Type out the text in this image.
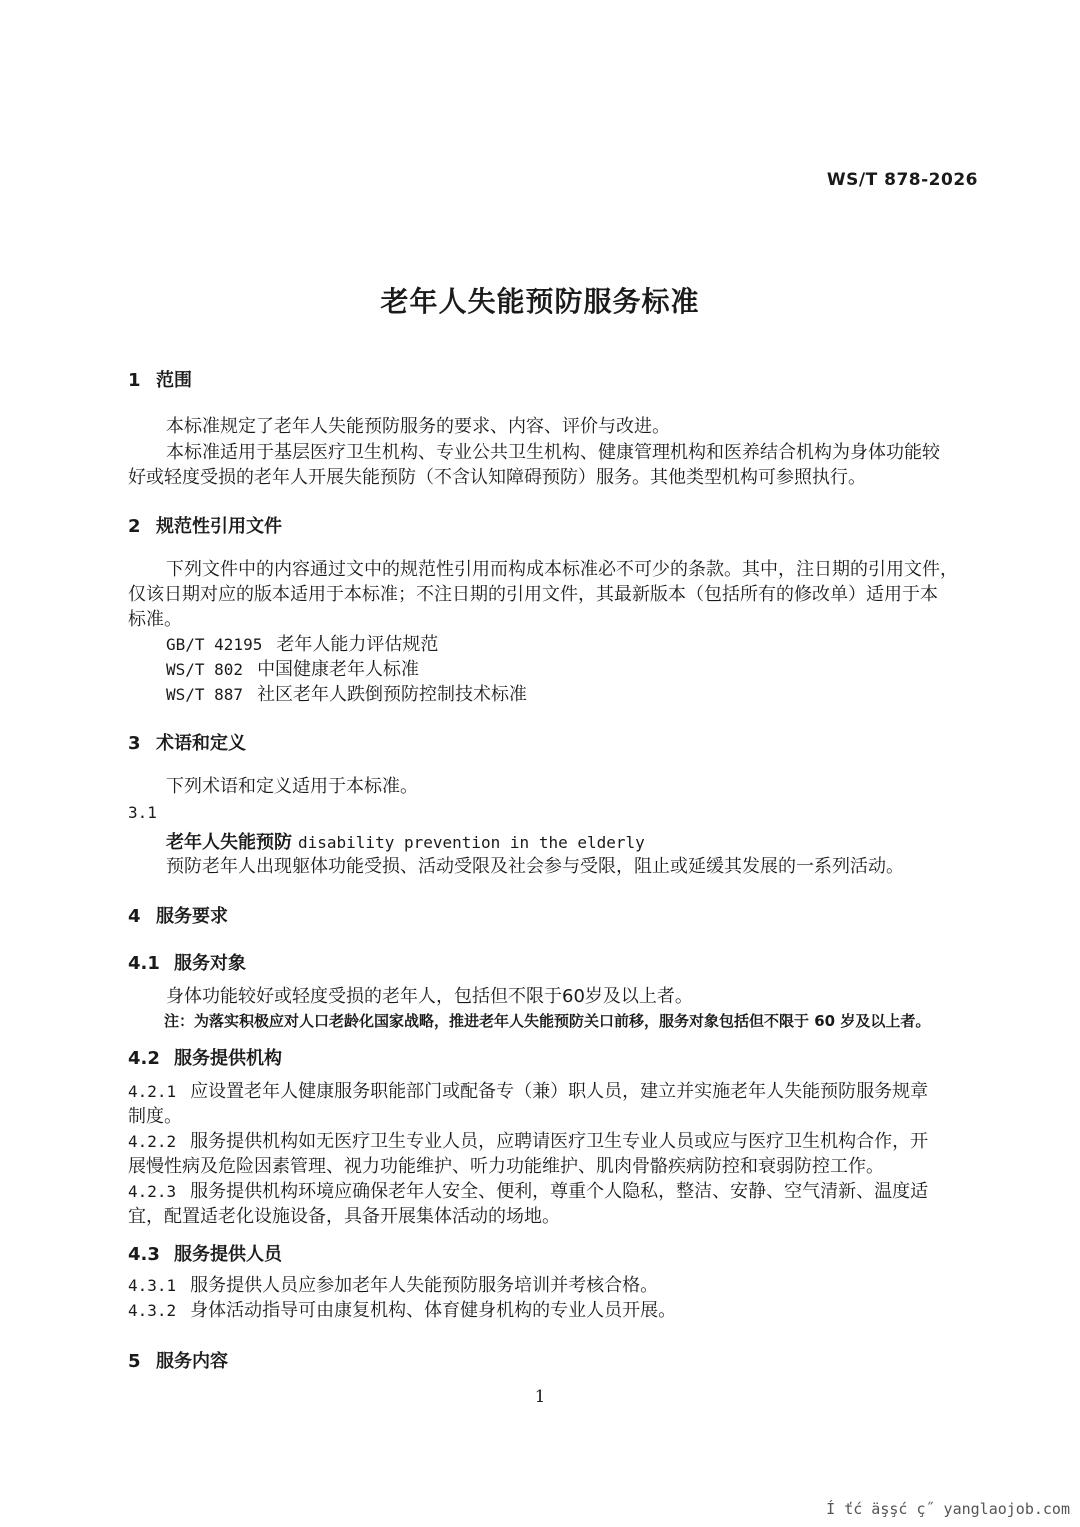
WS/T 878-2026
老年人失能预防服务标准
1 范围
本标准规定了老年人失能预防服务的要求、内容、评价与改进。
本标准适用于基层医疗卫生机构、专业公共卫生机构、健康管理机构和医养结合机构为身体功能较
好或轻度受损的老年人开展失能预防（不含认知障碍预防）服务。其他类型机构可参照执行。
2 规范性引用文件
下列文件中的内容通过文中的规范性引用而构成本标准必不可少的条款。其中，注日期的引用文件，
仅该日期对应的版本适用于本标准；不注日期的引用文件，其最新版本（包括所有的修改单）适用于本
标准。
GB/T 42195 老年人能力评估规范
WS/T 802 中国健康老年人标准
WS/T 887 社区老年人跌倒预防控制技术标准
3 术语和定义
下列术语和定义适用于本标准。
3.1
老年人失能预防 disability prevention in the elderly
预防老年人出现躯体功能受损、活动受限及社会参与受限，阻止或延缓其发展的一系列活动。
4 服务要求
4.1 服务对象
身体功能较好或轻度受损的老年人，包括但不限于60岁及以上者。
注：为落实积极应对人口老龄化国家战略，推进老年人失能预防关口前移，服务对象包括但不限于 60 岁及以上者。
4.2 服务提供机构
4.2.1 应设置老年人健康服务职能部门或配备专（兼）职人员，建立并实施老年人失能预防服务规章
制度。
4.2.2 服务提供机构如无医疗卫生专业人员，应聘请医疗卫生专业人员或应与医疗卫生机构合作，开
展慢性病及危险因素管理、视力功能维护、听力功能维护、肌肉骨骼疾病防控和衰弱防控工作。
4.2.3 服务提供机构环境应确保老年人安全、便利，尊重个人隐私，整洁、安静、空气清新、温度适
宜，配置适老化设施设备，具备开展集体活动的场地。
4.3 服务提供人员
4.3.1 服务提供人员应参加老年人失能预防服务培训并考核合格。
4.3.2 身体活动指导可由康复机构、体育健身机构的专业人员开展。
5 服务内容
1
Í ťć äşşć ç˝ yanglaojob.com
